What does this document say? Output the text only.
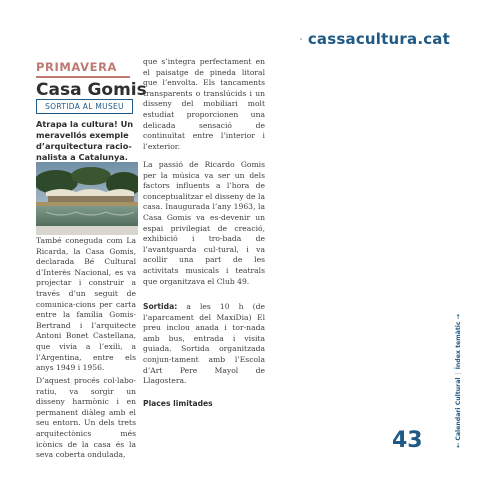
cassacultura.cat
PRIMAVERA
Casa Gomis
SORTIDA AL MUSEU
Atrapa la cultura! Un meravellós exemple d’arquitectura racio-nalista a Catalunya.

També coneguda com La Ricarda, la Casa Gomis, declarada Bé Cultural d’Interès Nacional, es va projectar i construir a través d’un seguit de comunica-cions per carta entre la família Gomis-Bertrand i l’arquitecte Antoni Bonet Castellana, que vivia a l’exili, a l’Argentina, entre els anys 1949 i 1956.

D’aquest procés col·labo-ratiu, va sorgir un disseny harmònic i en permanent diàleg amb el seu entorn. Un dels trets arquitectònics més icònics de la casa és la seva coberta ondulada,

que s’integra perfectament en el paisatge de pineda litoral que l’envolta. Els tancaments transparents o translúcids i un disseny del mobiliari molt estudiat proporcionen una delicada sensació de continuïtat entre l’interior i l’exterior.

La passió de Ricardo Gomis per la música va ser un dels factors influents a l’hora de conceptualitzar el disseny de la casa. Inaugurada l’any 1963, la Casa Gomis va es-devenir un espai privilegiat de creació, exhibició i tro-bada de l’avantguarda cul-tural, i va acollir una part de les activitats musicals i teatrals que organitzava el Club 49.

Sortida: a les 10 h (de l’aparcament del MaxiDia) El preu inclou anada i tor-nada amb bus, entrada i visita guiada. Sortida organitzada conjun-tament amb l’Escola d’Art Pere Mayol de Llagostera.

Places limitades
43	← Calendari Cultural|Índex temàtic →
